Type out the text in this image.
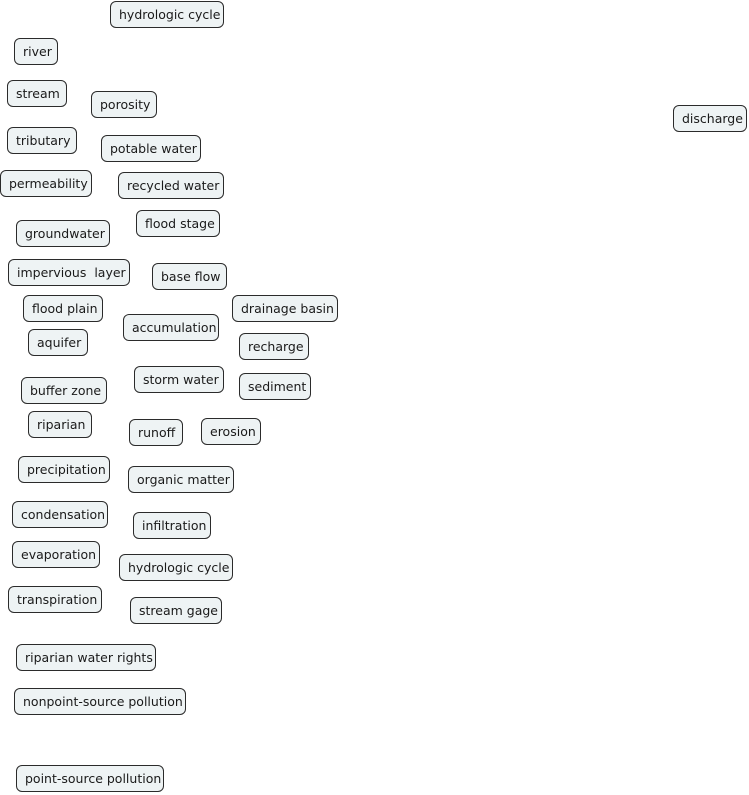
hydrologic cycle
river
stream
porosity
discharge
tributary
potable water
permeability	recycled water
flood stage
groundwater
impervious  layer	base flow
flood plain	drainage basin
accumulation
aquifer	recharge
storm water
buffer zone	sediment
riparian
runoff	erosion
precipitation
organic matter
condensation
infiltration
evaporation
hydrologic cycle
transpiration
stream gage
riparian water rights
nonpoint-source pollution
point-source pollution
